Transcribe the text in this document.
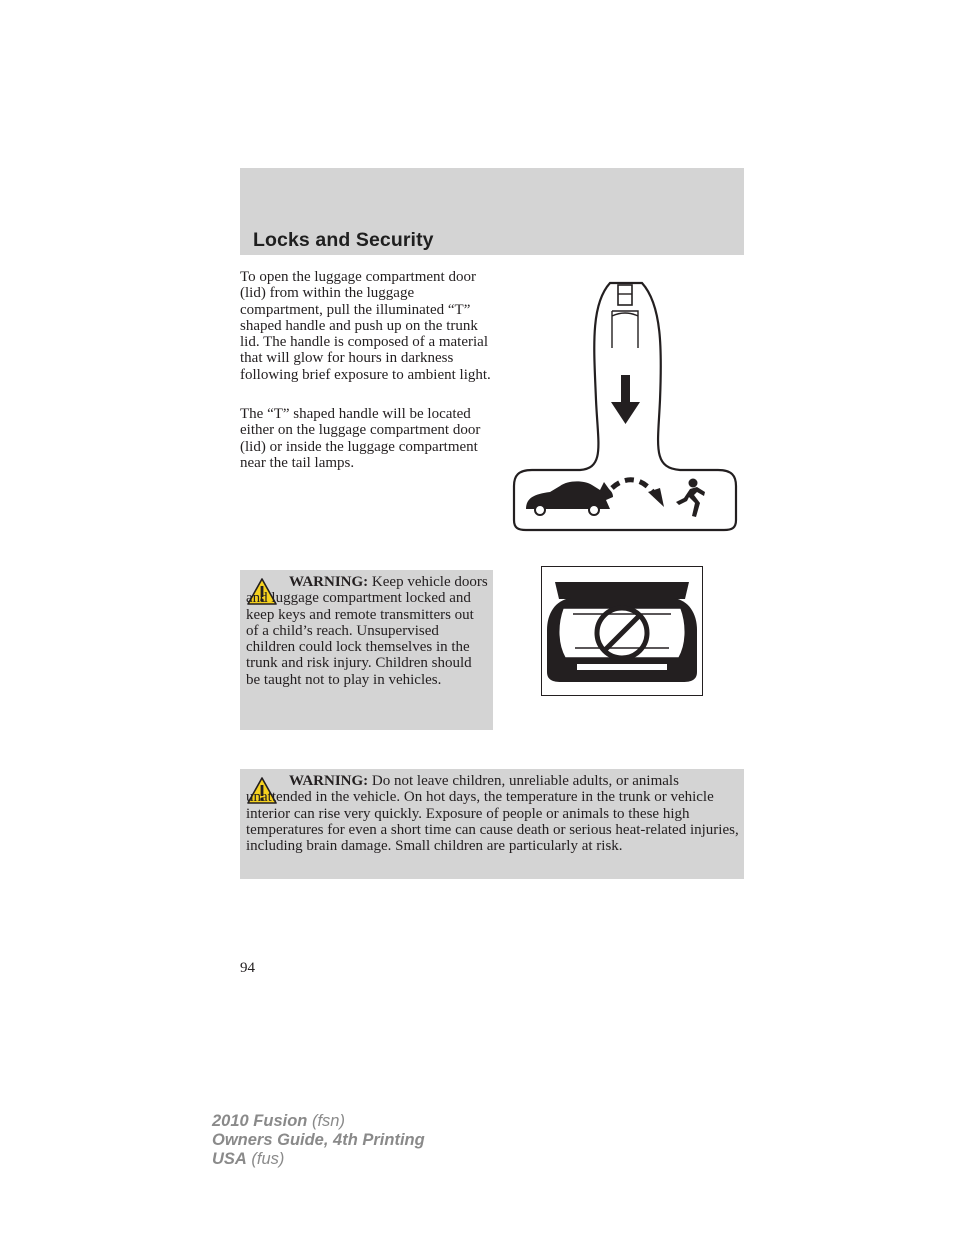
Locks and Security

To open the luggage compartment door (lid) from within the luggage compartment, pull the illuminated “T” shaped handle and push up on the trunk lid. The handle is composed of a material that will glow for hours in darkness following brief exposure to ambient light.

The “T” shaped handle will be located either on the luggage compartment door (lid) or inside the luggage compartment near the tail lamps.

WARNING: Keep vehicle doors and luggage compartment locked and keep keys and remote transmitters out of a child’s reach. Unsupervised children could lock themselves in the trunk and risk injury. Children should be taught not to play in vehicles.
WARNING: Do not leave children, unreliable adults, or animals unattended in the vehicle. On hot days, the temperature in the trunk or vehicle interior can rise very quickly. Exposure of people or animals to these high temperatures for even a short time can cause death or serious heat-related injuries, including brain damage. Small children are particularly at risk.
94
2010 Fusion (fsn)
Owners Guide, 4th Printing
USA (fus)
